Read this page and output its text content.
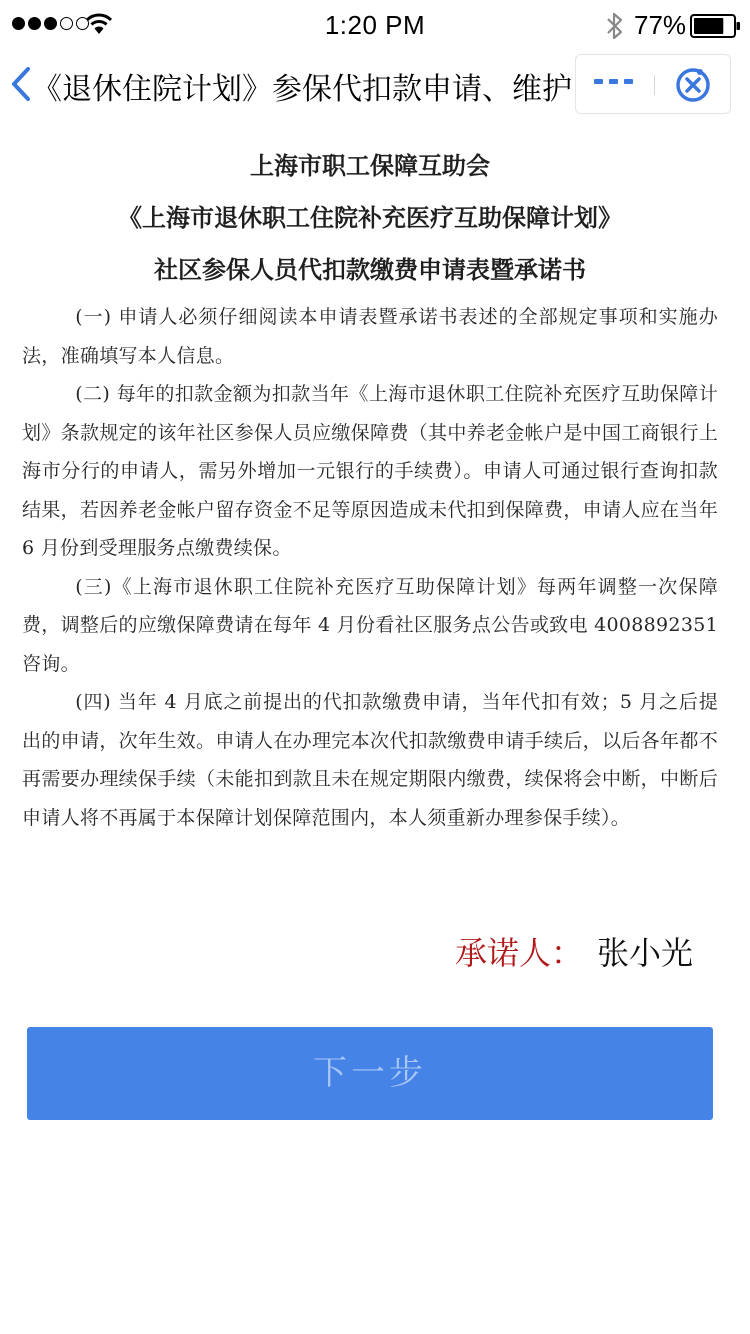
1:20 PM	77%
《退休住院计划》参保代扣款申请、维护
上海市职工保障互助会
《上海市退休职工住院补充医疗互助保障计划》
社区参保人员代扣款缴费申请表暨承诺书

(一) 申请人必须仔细阅读本申请表暨承诺书表述的全部规定事项和实施办法，准确填写本人信息。

(二) 每年的扣款金额为扣款当年《上海市退休职工住院补充医疗互助保障计划》条款规定的该年社区参保人员应缴保障费（其中养老金帐户是中国工商银行上海市分行的申请人，需另外增加一元银行的手续费）。申请人可通过银行查询扣款结果，若因养老金帐户留存资金不足等原因造成未代扣到保障费，申请人应在当年 6 月份到受理服务点缴费续保。

(三)《上海市退休职工住院补充医疗互助保障计划》每两年调整一次保障费，调整后的应缴保障费请在每年 4 月份看社区服务点公告或致电 4008892351 咨询。

(四) 当年 4 月底之前提出的代扣款缴费申请，当年代扣有效；5 月之后提出的申请，次年生效。申请人在办理完本次代扣款缴费申请手续后，以后各年都不再需要办理续保手续（未能扣到款且未在规定期限内缴费，续保将会中断，中断后申请人将不再属于本保障计划保障范围内，本人须重新办理参保手续）。

承诺人： 张小光
下一步
